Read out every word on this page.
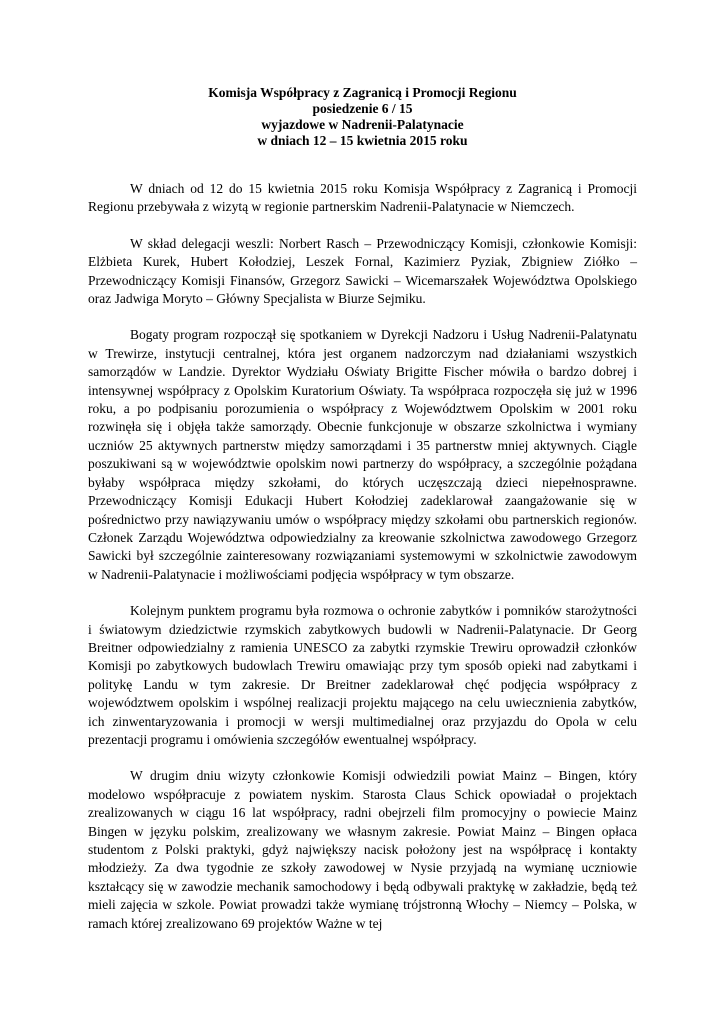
Komisja Współpracy z Zagranicą i Promocji Regionu
posiedzenie 6 / 15
wyjazdowe w Nadrenii-Palatynacie
w dniach 12 – 15 kwietnia 2015 roku

W dniach od 12 do 15 kwietnia 2015 roku Komisja Współpracy z Zagranicą i Promocji Regionu przebywała z wizytą w regionie partnerskim Nadrenii-Palatynacie w Niemczech.

W skład delegacji weszli: Norbert Rasch – Przewodniczący Komisji, członkowie Komisji: Elżbieta Kurek, Hubert Kołodziej, Leszek Fornal, Kazimierz Pyziak, Zbigniew Ziółko – Przewodniczący Komisji Finansów, Grzegorz Sawicki – Wicemarszałek Województwa Opolskiego oraz Jadwiga Moryto – Główny Specjalista w Biurze Sejmiku.

Bogaty program rozpoczął się spotkaniem w Dyrekcji Nadzoru i Usług Nadrenii-Palatynatu w Trewirze, instytucji centralnej, która jest organem nadzorczym nad działaniami wszystkich samorządów w Landzie. Dyrektor Wydziału Oświaty Brigitte Fischer mówiła o bardzo dobrej i intensywnej współpracy z Opolskim Kuratorium Oświaty. Ta współpraca rozpoczęła się już w 1996 roku, a po podpisaniu porozumienia o współpracy z Województwem Opolskim w 2001 roku rozwinęła się i objęła także samorządy. Obecnie funkcjonuje w obszarze szkolnictwa i wymiany uczniów 25 aktywnych partnerstw między samorządami i 35 partnerstw mniej aktywnych. Ciągle poszukiwani są w województwie opolskim nowi partnerzy do współpracy, a szczególnie pożądana byłaby współpraca między szkołami, do których uczęszczają dzieci niepełnosprawne. Przewodniczący Komisji Edukacji Hubert Kołodziej zadeklarował zaangażowanie się w pośrednictwo przy nawiązywaniu umów o współpracy między szkołami obu partnerskich regionów. Członek Zarządu Województwa odpowiedzialny za kreowanie szkolnictwa zawodowego Grzegorz Sawicki był szczególnie zainteresowany rozwiązaniami systemowymi w szkolnictwie zawodowym w Nadrenii-Palatynacie i możliwościami podjęcia współpracy w tym obszarze.

Kolejnym punktem programu była rozmowa o ochronie zabytków i pomników starożytności i światowym dziedzictwie rzymskich zabytkowych budowli w Nadrenii-Palatynacie. Dr Georg Breitner odpowiedzialny z ramienia UNESCO za zabytki rzymskie Trewiru oprowadził członków Komisji po zabytkowych budowlach Trewiru omawiając przy tym sposób opieki nad zabytkami i politykę Landu w tym zakresie. Dr Breitner zadeklarował chęć podjęcia współpracy z województwem opolskim i wspólnej realizacji projektu mającego na celu uwiecznienia zabytków, ich zinwentaryzowania i promocji w wersji multimedialnej oraz przyjazdu do Opola w celu prezentacji programu i omówienia szczegółów ewentualnej współpracy.

W drugim dniu wizyty członkowie Komisji odwiedzili powiat Mainz – Bingen, który modelowo współpracuje z powiatem nyskim. Starosta Claus Schick opowiadał o projektach zrealizowanych w ciągu 16 lat współpracy, radni obejrzeli film promocyjny o powiecie Mainz Bingen w języku polskim, zrealizowany we własnym zakresie. Powiat Mainz – Bingen opłaca studentom z Polski praktyki, gdyż największy nacisk położony jest na współpracę i kontakty młodzieży. Za dwa tygodnie ze szkoły zawodowej w Nysie przyjadą na wymianę uczniowie kształcący się w zawodzie mechanik samochodowy i będą odbywali praktykę w zakładzie, będą też mieli zajęcia w szkole. Powiat prowadzi także wymianę trójstronną Włochy – Niemcy – Polska, w ramach której zrealizowano 69 projektów Ważne w tej
